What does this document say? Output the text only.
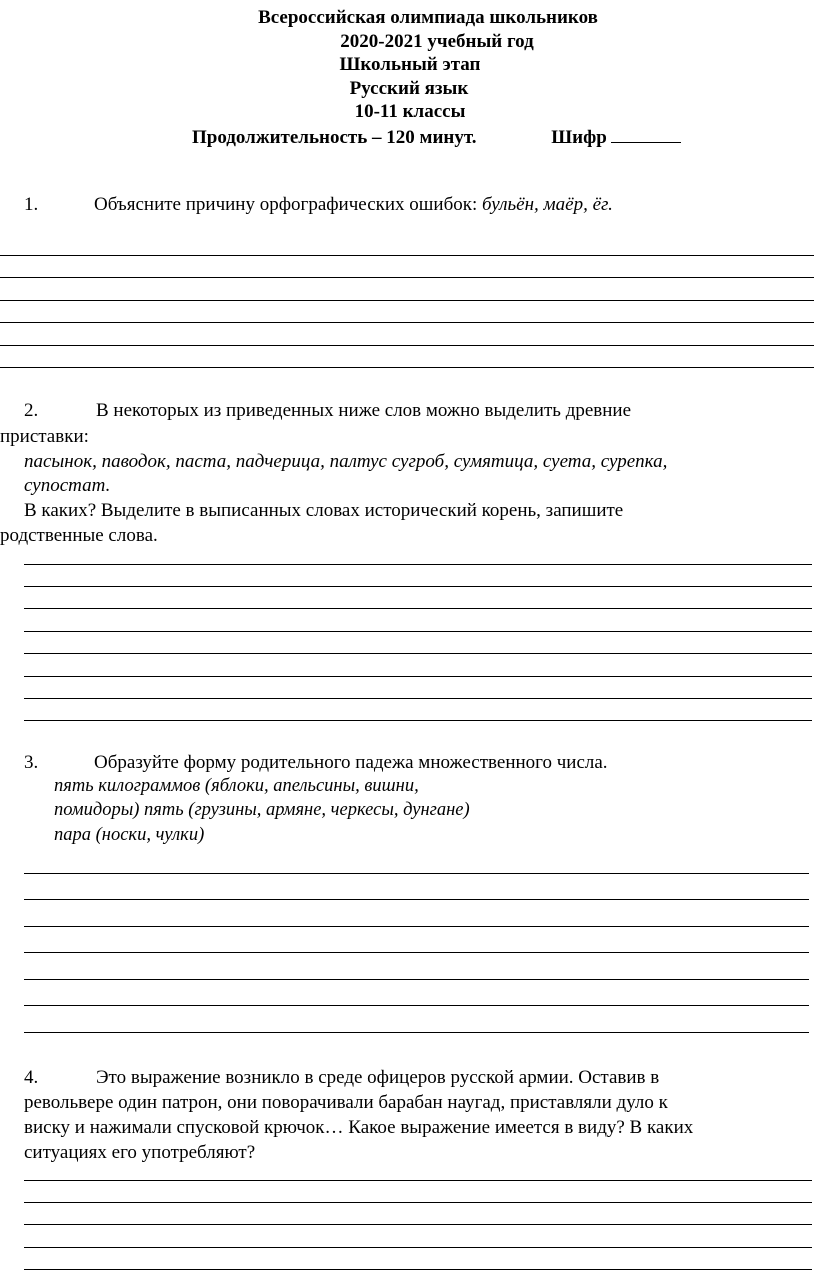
Всероссийская олимпиада школьников
2020-2021 учебный год
Школьный этап
Русский язык
10-11 классы
Продолжительность – 120 минут.	Шифр
1.	Объясните причину орфографических ошибок: бульён, маёр, ёг.
2.	В некоторых из приведенных ниже слов можно выделить древние
приставки:
пасынок, паводок, паста, падчерица, палтус сугроб, сумятица, суета, сурепка,
супостат.
В каких? Выделите в выписанных словах исторический корень, запишите
родственные слова.
3.	Образуйте форму родительного падежа множественного числа.
пять килограммов (яблоки, апельсины, вишни,
помидоры) пять (грузины, армяне, черкесы, дунгане)
пара (носки, чулки)
4.	Это выражение возникло в среде офицеров русской армии. Оставив в
револьвере один патрон, они поворачивали барабан наугад, приставляли дуло к
виску и нажимали спусковой крючок… Какое выражение имеется в виду? В каких
ситуациях его употребляют?
